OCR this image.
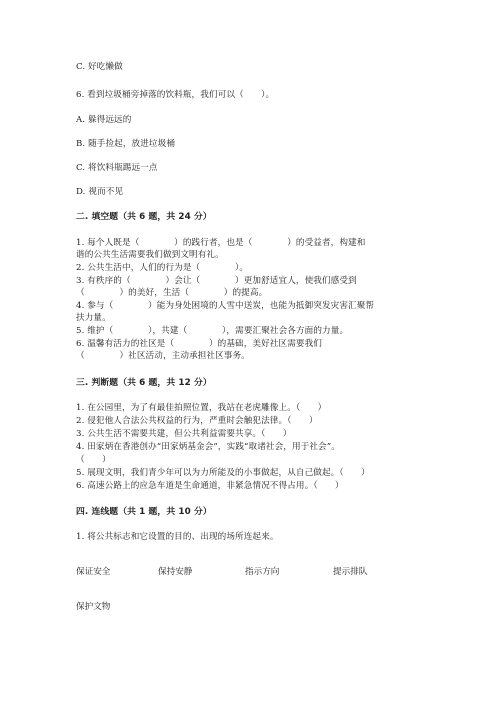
C. 好吃懒做
6. 看到垃圾桶旁掉落的饮料瓶，我们可以（　　）。
A. 躲得远远的
B. 随手捡起，放进垃圾桶
C. 将饮料瓶踢远一点
D. 视而不见
二. 填空题（共 6 题，共 24 分）
1. 每个人既是（　　　　）的践行者，也是（　　　　）的受益者，构建和
谐的公共生活需要我们做到文明有礼。
2. 公共生活中，人们的行为是（　　　　）。
3. 有秩序的（　　　　）会让（　　　　）更加舒适宜人，使我们感受到
（　　　　）的美好，生活（　　　　）的提高。
4. 参与（　　　　）能为身处困境的人雪中送炭，也能为抵御突发灾害汇聚帮
扶力量。
5. 维护（　　　　），共建（　　　　），需要汇聚社会各方面的力量。
6. 温馨有活力的社区是（　　　　）的基础，美好社区需要我们
（　　　　）社区活动，主动承担社区事务。
三. 判断题（共 6 题，共 12 分）
1. 在公园里，为了有最佳拍照位置，我站在老虎雕像上。（　　）
2. 侵犯他人合法公共权益的行为，严重时会触犯法律。（　　）
3. 公共生活不需要共建，但公共利益需要共享。（　　）
4. 田家炳在香港创办“田家炳基金会”，实践“取诸社会，用于社会”。
（　　）
5. 展现文明，我们青少年可以为力所能及的小事做起，从自己做起。（　　）
6. 高速公路上的应急车道是生命通道，非紧急情况不得占用。（　　）
四. 连线题（共 1 题，共 10 分）
1. 将公共标志和它设置的目的、出现的场所连起来。
保证安全	保持安静	指示方向	提示排队
保护文物
